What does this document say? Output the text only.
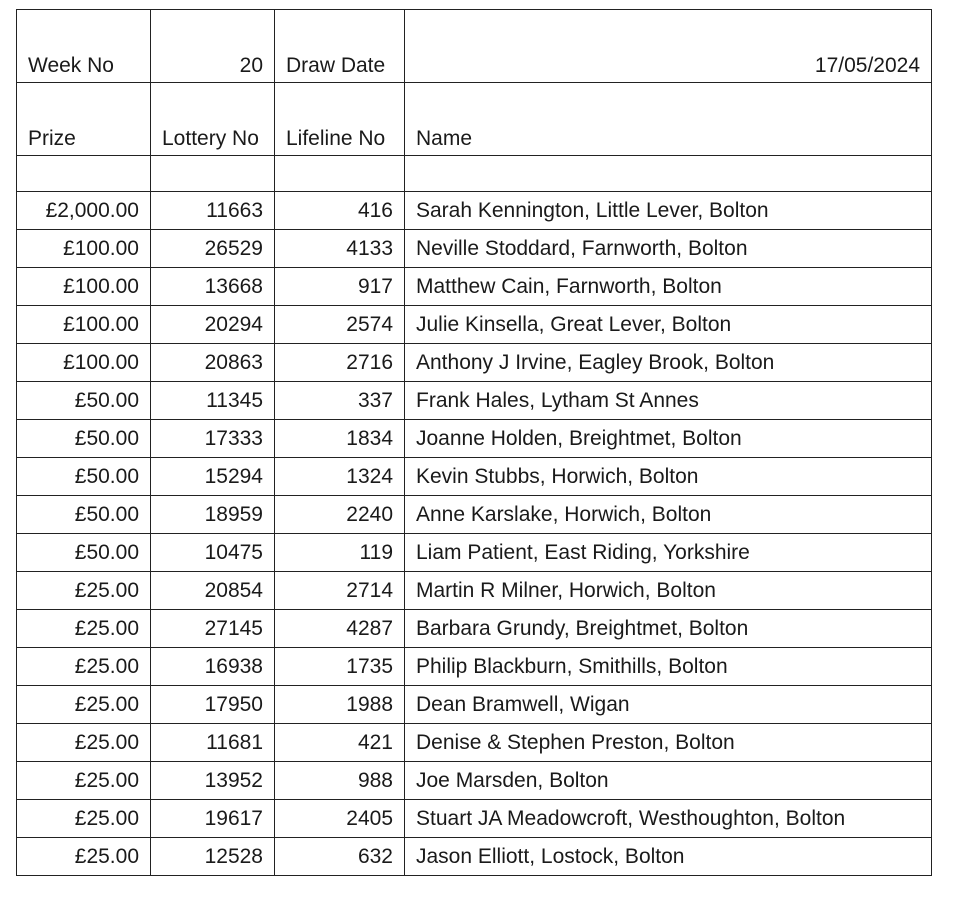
Week No	20	Draw Date	17/05/2024
Prize	Lottery No	Lifeline No	Name

£2,000.00	11663	416	Sarah Kennington, Little Lever, Bolton
£100.00	26529	4133	Neville Stoddard, Farnworth, Bolton
£100.00	13668	917	Matthew Cain, Farnworth, Bolton
£100.00	20294	2574	Julie Kinsella, Great Lever, Bolton
£100.00	20863	2716	Anthony J Irvine, Eagley Brook, Bolton
£50.00	11345	337	Frank Hales, Lytham St Annes
£50.00	17333	1834	Joanne Holden, Breightmet, Bolton
£50.00	15294	1324	Kevin Stubbs, Horwich, Bolton
£50.00	18959	2240	Anne Karslake, Horwich, Bolton
£50.00	10475	119	Liam Patient, East Riding, Yorkshire
£25.00	20854	2714	Martin R Milner, Horwich, Bolton
£25.00	27145	4287	Barbara Grundy, Breightmet, Bolton
£25.00	16938	1735	Philip Blackburn, Smithills, Bolton
£25.00	17950	1988	Dean Bramwell, Wigan
£25.00	11681	421	Denise & Stephen Preston, Bolton
£25.00	13952	988	Joe Marsden, Bolton
£25.00	19617	2405	Stuart JA Meadowcroft, Westhoughton, Bolton
£25.00	12528	632	Jason Elliott, Lostock, Bolton
